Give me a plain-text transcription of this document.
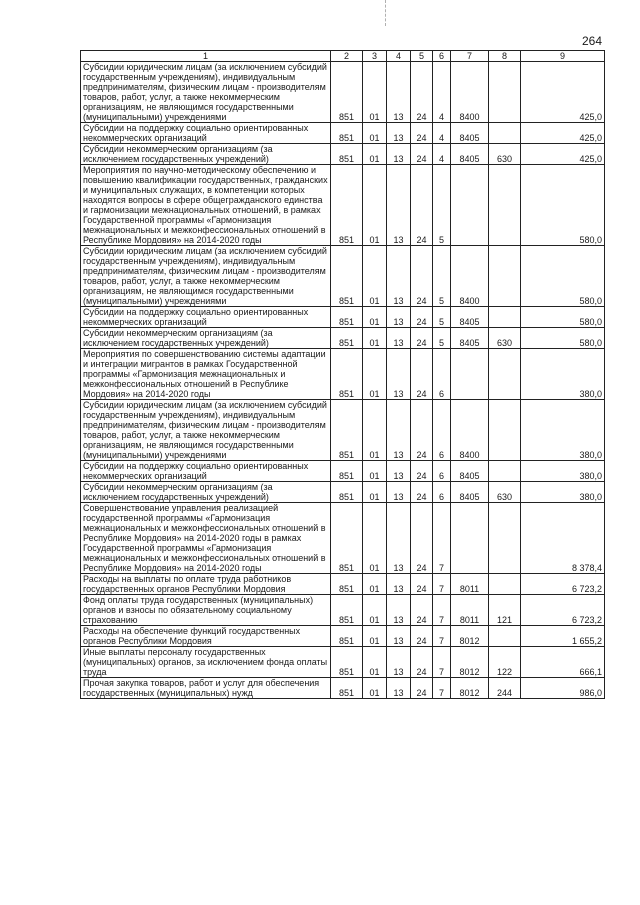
264
1	2	3	4	5	6	7	8	9
Субсидии юридическим лицам (за исключением субсидий государственным учреждениям), индивидуальным предпринимателям, физическим лицам - производителям товаров, работ, услуг, а также некоммерческим организациям, не являющимся государственными (муниципальными) учреждениями	851	01	13	24	4	8400		425,0
Субсидии на поддержку социально ориентированных некоммерческих организаций	851	01	13	24	4	8405		425,0
Субсидии некоммерческим организациям (за исключением государственных учреждений)	851	01	13	24	4	8405	630	425,0
Мероприятия по научно-методическому обеспечению и повышению квалификации государственных, гражданских и муниципальных служащих, в компетенции которых находятся вопросы в сфере общегражданского единства и гармонизации межнациональных отношений, в рамках Государственной программы «Гармонизация межнациональных и межконфессиональных отношений в Республике Мордовия» на 2014-2020 годы	851	01	13	24	5			580,0
Субсидии юридическим лицам (за исключением субсидий государственным учреждениям), индивидуальным предпринимателям, физическим лицам - производителям товаров, работ, услуг, а также некоммерческим организациям, не являющимся государственными (муниципальными) учреждениями	851	01	13	24	5	8400		580,0
Субсидии на поддержку социально ориентированных некоммерческих организаций	851	01	13	24	5	8405		580,0
Субсидии некоммерческим организациям (за исключением государственных учреждений)	851	01	13	24	5	8405	630	580,0
Мероприятия по совершенствованию системы адаптации и интеграции мигрантов в рамках Государственной программы «Гармонизация межнациональных и межконфессиональных отношений в Республике Мордовия» на 2014-2020 годы	851	01	13	24	6			380,0
Субсидии юридическим лицам (за исключением субсидий государственным учреждениям), индивидуальным предпринимателям, физическим лицам - производителям товаров, работ, услуг, а также некоммерческим организациям, не являющимся государственными (муниципальными) учреждениями	851	01	13	24	6	8400		380,0
Субсидии на поддержку социально ориентированных некоммерческих организаций	851	01	13	24	6	8405		380,0
Субсидии некоммерческим организациям (за исключением государственных учреждений)	851	01	13	24	6	8405	630	380,0
Совершенствование управления реализацией государственной программы «Гармонизация межнациональных и межконфессиональных отношений в Республике Мордовия» на 2014-2020 годы в рамках Государственной программы «Гармонизация межнациональных и межконфессиональных отношений в Республике Мордовия» на 2014-2020 годы	851	01	13	24	7			8 378,4
Расходы на выплаты по оплате труда работников государственных органов Республики Мордовия	851	01	13	24	7	8011		6 723,2
Фонд оплаты труда государственных (муниципальных) органов и взносы по обязательному социальному страхованию	851	01	13	24	7	8011	121	6 723,2
Расходы на обеспечение функций государственных органов Республики Мордовия	851	01	13	24	7	8012		1 655,2
Иные выплаты персоналу государственных (муниципальных) органов, за исключением фонда оплаты труда	851	01	13	24	7	8012	122	666,1
Прочая закупка товаров, работ и услуг для обеспечения государственных (муниципальных) нужд	851	01	13	24	7	8012	244	986,0
